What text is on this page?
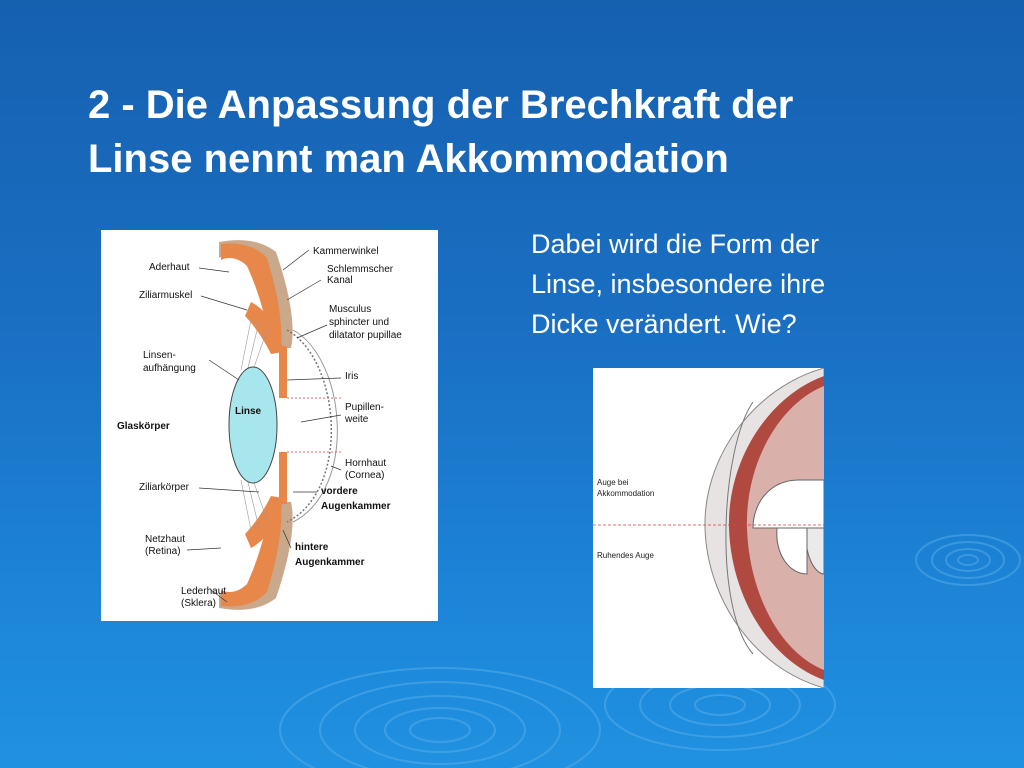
2 - Die Anpassung der Brechkraft der
Linse nennt man Akkommodation
Dabei wird die Form der
Linse, insbesondere ihre
Dicke verändert. Wie?
Kammerwinkel
Aderhaut	Schlemmscher
Kanal
Ziliarmuskel
Musculus
sphincter und
dilatator pupillae
Linsen-
aufhängung
Iris
Linse	Pupillen-
weite
Glaskörper
Hornhaut
(Cornea)
Ziliarkörper	vordere
Augenkammer
Netzhaut
(Retina)	hintere
Augenkammer
Lederhaut
(Sklera)
Auge bei
Akkommodation
Ruhendes Auge
